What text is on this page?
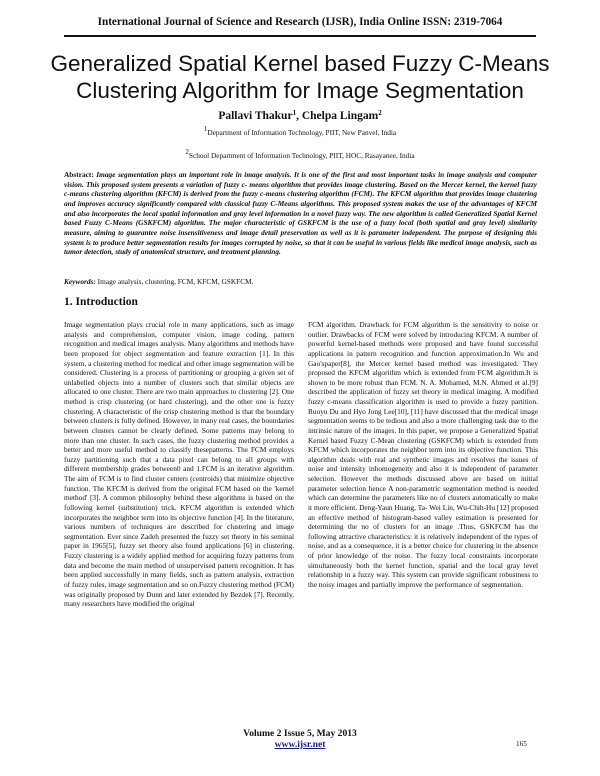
International Journal of Science and Research (IJSR), India Online ISSN: 2319-7064
Generalized Spatial Kernel based Fuzzy C-Means
Clustering Algorithm for Image Segmentation
Pallavi Thakur$^1$, Chelpa Lingam$^2$
$^1$Department of Information Technology, PIIT, New Panvel, India
$^2$School Department of Information Technology, PIIT, HOC, Rasayanee, India

Abstract: Image segmentation plays an important role in image analysis. It is one of the first and most important tasks in image analysis and computer vision. This proposed system presents a variation of fuzzy c- means algorithm that provides image clustering. Based on the Mercer kernel, the kernel fuzzy c-means clustering algorithm (KFCM) is derived from the fuzzy c-means clustering algorithm (FCM). The KFCM algorithm that provides image clustering and improves accuracy significantly compared with classical fuzzy C-Means algorithms. This proposed system makes the use of the advantages of KFCM and also incorporates the local spatial information and gray level information in a novel fuzzy way. The new algorithm is called Generalized Spatial Kernel based Fuzzy C-Means (GSKFCM) algorithm. The major characteristic of GSKFCM is the use of a fuzzy local (both spatial and gray level) similarity measure, aiming to guarantee noise insensitiveness and image detail preservation as well as it is parameter independent. The purpose of designing this system is to produce better segmentation results for images corrupted by noise, so that it can be useful in various fields like medical image analysis, such as tumor detection, study of anatomical structure, and treatment planning.

Keywords: Image analysis, clustering, FCM, KFCM, GSKFCM.

1. Introduction

Image segmentation plays crucial role in many applications, such as image analysis and comprehension, computer vision, image coding, pattern recognition and medical images analysis. Many algorithms and methods have been proposed for object segmentation and feature extraction [1]. In this system, a clustering method for medical and other image segmentation will be considered. Clustering is a process of partitioning or grouping a given set of unlabelled objects into a number of clusters such that similar objects are allocated to one cluster. There are two main approaches to clustering [2]. One method is crisp clustering (or hard clustering), and the other one is fuzzy clustering. A characteristic of the crisp clustering method is that the boundary between clusters is fully defined. However, in many real cases, the boundaries between clusters cannot be clearly defined. Some patterns may belong to more than one cluster. In such cases, the fuzzy clustering method provides a better and more useful method to classify thesepatterns. The FCM employs fuzzy partitioning such that a data pixel can belong to all groups with different membership grades between0 and 1.FCM is an iterative algorithm. The aim of FCM is to find cluster centers (centroids) that minimize objective function. The KFCM is derived from the original FCM based on the 'kernel method' [3]. A common philosophy behind these algorithms is based on the following kernel (substitution) trick. KFCM algorithm is extended which incorporates the neighbor term into its objective function [4]. In the literature, various numbers of techniques are described for clustering and image segmentation. Ever since Zadeh presented the fuzzy set theory in his seminal paper in 1965[5], fuzzy set theory also found applications [6] in clustering. Fuzzy clustering is a widely applied method for acquiring fuzzy patterns from data and become the main method of unsupervised pattern recognition. It has been applied successfully in many fields, such as pattern analysis, extraction of fuzzy rules, image segmentation and so on.Fuzzy clustering method (FCM) was originally proposed by Dunn and later extended by Bezdek [7]. Recently, many researchers have modified the original

FCM algorithm. Drawback for FCM algorithm is the sensitivity to noise or outlier. Drawbacks of FCM were solved by introducing KFCM. A number of powerful kernel-based methods were proposed and have found successful applications in pattern recognition and function approximation.In Wu and Gao'spaper[8], the Mercer kernel based method was investigated. They proposed the KFCM algorithm which is extended from FCM algorithm.It is shown to be more robust than FCM. N. A. Mohamed, M.N. Ahmed et al.[9] described the application of fuzzy set theory in medical imaging. A modified fuzzy c-means classification algorithm is used to provide a fuzzy partition. Ruoyu Du and Hyo Jong Lee[10], [11] have discussed that the medical image segmentation seems to be tedious and also a more challenging task due to the intrinsic nature of the images. In this paper, we propose a Generalized Spatial Kernel based Fuzzy C-Mean clustering (GSKFCM) which is extended from KFCM which incorporates the neighbor term into its objective function. This algorithm deals with real and synthetic images and resolves the issues of noise and intensity inhomogeneity and also it is independent of parameter selection. However the methods discussed above are based on initial parameter selection hence A non-parametric segmentation method is needed which can determine the parameters like no of clusters automatically to make it more efficient. Deng-Yaun Huang, Ta- Wei Lin, Wu-Chih-Hu [12] proposed an effective method of histogram-based valley estimation is presented for determining the no of clusters for an image .Thus, GSKFCM has the following attractive characteristics: it is relatively independent of the types of noise, and as a consequence, it is a better choice for clustering in the absence of prior knowledge of the noise. The fuzzy local constraints incorporate simultaneously both the kernel function, spatial and the local gray level relationship in a fuzzy way. This system can provide significant robustness to the noisy images and partially improve the performance of segmentation.

Volume 2 Issue 5, May 2013
www.ijsr.net	165
